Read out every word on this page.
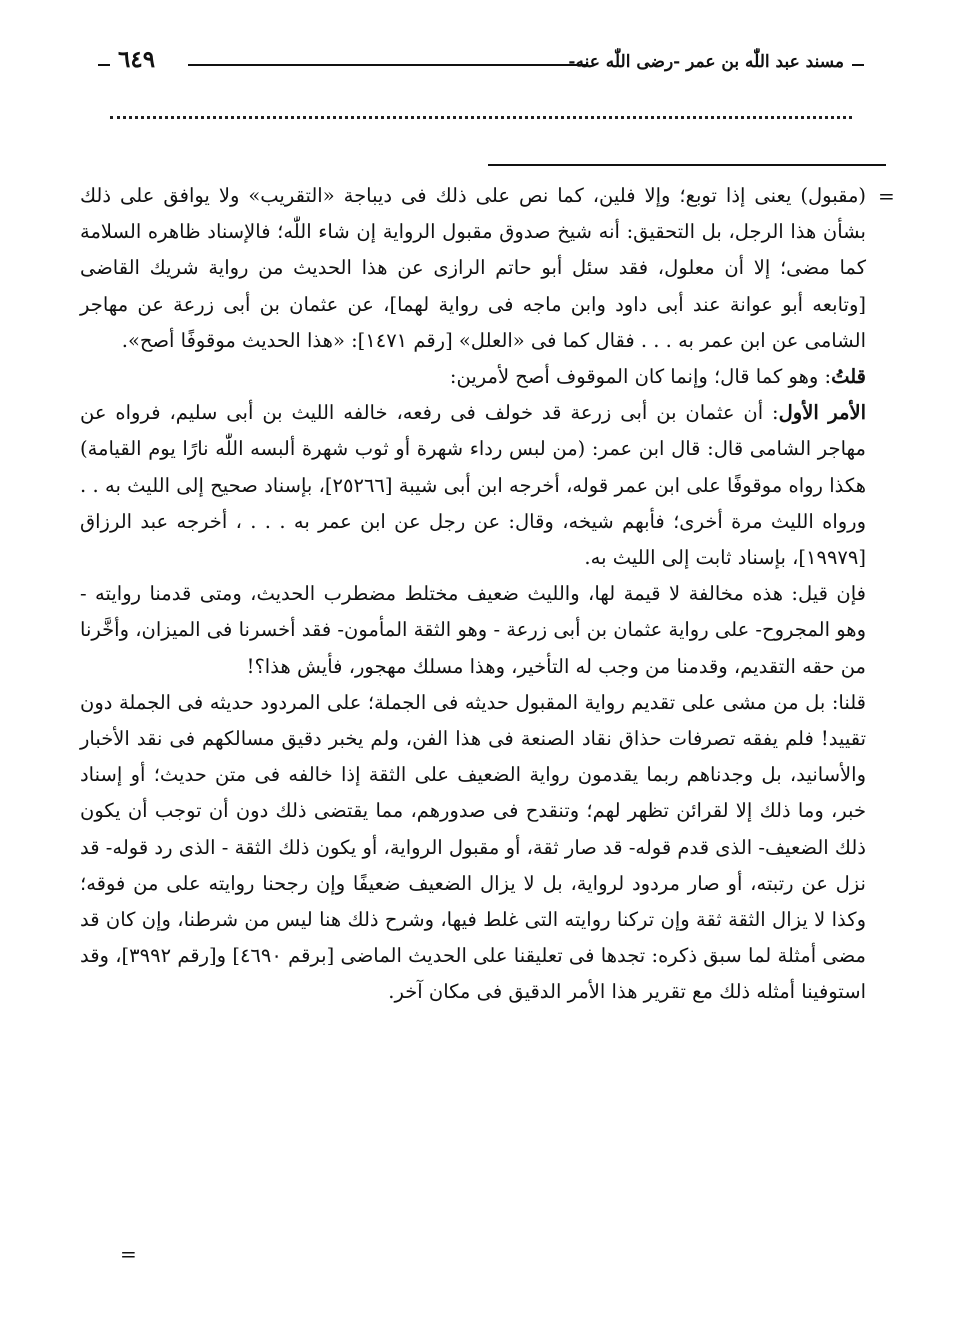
٦٤٩	مسند عبد اللّٰه بن عمر -رضى اللّٰه عنه-
=

(مقبول) يعنى إذا توبع؛ وإلا فلين، كما نص على ذلك فى ديباجة «التقريب» ولا يوافق على ذلك بشأن هذا الرجل، بل التحقيق: أنه شيخ صدوق مقبول الرواية إن شاء اللّٰه؛ فالإسناد ظاهره السلامة كما مضى؛ إلا أن معلول، فقد سئل أبو حاتم الرازى عن هذا الحديث من رواية شريك القاضى [وتابعه أبو عوانة عند أبى داود وابن ماجه فى رواية لهما]، عن عثمان بن أبى زرعة عن مهاجر الشامى عن ابن عمر به . . . فقال كما فى «العلل» [رقم ١٤٧١]: «هذا الحديث موقوفًا أصح».

قلتُ: وهو كما قال؛ وإنما كان الموقوف أصح لأمرين:

الأمر الأول: أن عثمان بن أبى زرعة قد خولف فى رفعه، خالفه الليث بن أبى سليم، فرواه عن مهاجر الشامى قال: قال ابن عمر: (من لبس رداء شهرة أو ثوب شهرة ألبسه اللّٰه نارًا يوم القيامة) هكذا رواه موقوفًا على ابن عمر قوله، أخرجه ابن أبى شيبة [٢٥٢٦٦]، بإسناد صحيح إلى الليث به . . ورواه الليث مرة أخرى؛ فأبهم شيخه، وقال: عن رجل عن ابن عمر به . . . ، أخرجه عبد الرزاق [١٩٩٧٩]، بإسناد ثابت إلى الليث به.

فإن قيل: هذه مخالفة لا قيمة لها، والليث ضعيف مختلط مضطرب الحديث، ومتى قدمنا روايته - وهو المجروح- على رواية عثمان بن أبى زرعة - وهو الثقة المأمون- فقد أخسرنا فى الميزان، وأخَّرنا من حقه التقديم، وقدمنا من وجب له التأخير، وهذا مسلك مهجور، فأيش هذا؟!

قلنا: بل من مشى على تقديم رواية المقبول حديثه فى الجملة؛ على المردود حديثه فى الجملة دون تقييد! فلم يفقه تصرفات حذاق نقاد الصنعة فى هذا الفن، ولم يخبر دقيق مسالكهم فى نقد الأخبار والأسانيد، بل وجدناهم ربما يقدمون رواية الضعيف على الثقة إذا خالفه فى متن حديث؛ أو إسناد خبر، وما ذلك إلا لقرائن تظهر لهم؛ وتنقدح فى صدورهم، مما يقتضى ذلك دون أن توجب أن يكون ذلك الضعيف- الذى قدم قوله- قد صار ثقة، أو مقبول الرواية، أو يكون ذلك الثقة - الذى رد قوله- قد نزل عن رتبته، أو صار مردود لرواية، بل لا يزال الضعيف ضعيفًا وإن رجحنا روايته على من فوقه؛ وكذا لا يزال الثقة ثقة وإن تركنا روايته التى غلط فيها، وشرح ذلك هنا ليس من شرطنا، وإن كان قد مضى أمثلة لما سبق ذكره: تجدها فى تعليقنا على الحديث الماضى [برقم ٤٦٩٠] و[رقم ٣٩٩٢]، وقد استوفينا أمثله ذلك مع تقرير هذا الأمر الدقيق فى مكان آخر.

=
